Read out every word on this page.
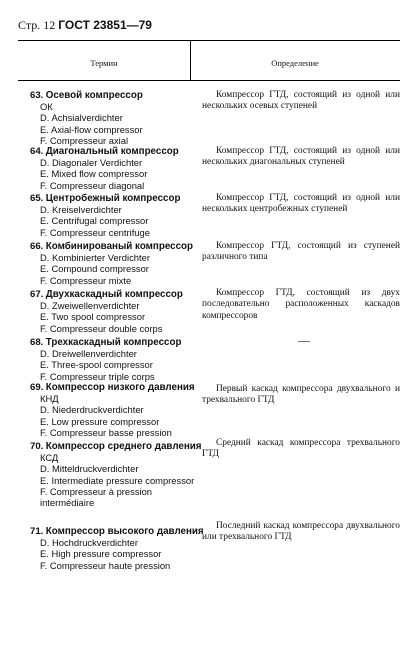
Стр. 12 ГОСТ 23851—79
Термин	Определение
63. Осевой компрессор
ОК
D. Achsialverdichter
E. Axial-flow compressor
F. Compresseur axial
Компрессор ГТД, состоящий из одной или нескольких осевых ступеней
64. Диагональный компрессор
D. Diagonaler Verdichter
E. Mixed flow compressor
F. Compresseur diagonal
Компрессор ГТД, состоящий из одной или нескольких диагональных ступеней
65. Центробежный компрессор
D. Kreiselverdichter
E. Centrifugal compressor
F. Compresseur centrifuge
Компрессор ГТД, состоящий из одной или нескольких центробежных ступеней
66. Комбинированый компрессор
D. Kombinierter Verdichter
E. Compound compressor
F. Compresseur mixte
Компрессор ГТД, состоящий из ступеней различного типа
67. Двухкаскадный компрессор
D. Zweiwellenverdichter
E. Two spool compressor
F. Compresseur double corps
Компрессор ГТД, состоящий из двух последовательно расположенных каскадов компрессоров
68. Трехкаскадный компрессор
D. Dreiwellenverdichter
E. Three-spool compressor
F. Compresseur triple corps
—
69. Компрессор низкого давления
КНД
D. Niederdruckverdichter
E. Low pressure compressor
F. Compresseur basse pression
Первый каскад компрессора двухвального и трехвального ГТД
70. Компрессор среднего давления
КСД
D. Mitteldruckverdichter
E. Intermediate pressure compressor
F. Compresseur à pression intermédiaire
Средний каскад компрессора трехвального ГТД
71. Компрессор высокого давления
D. Hochdruckverdichter
E. High pressure compressor
F. Compresseur haute pression
Последний каскад компрессора двухвального или трехвального ГТД
